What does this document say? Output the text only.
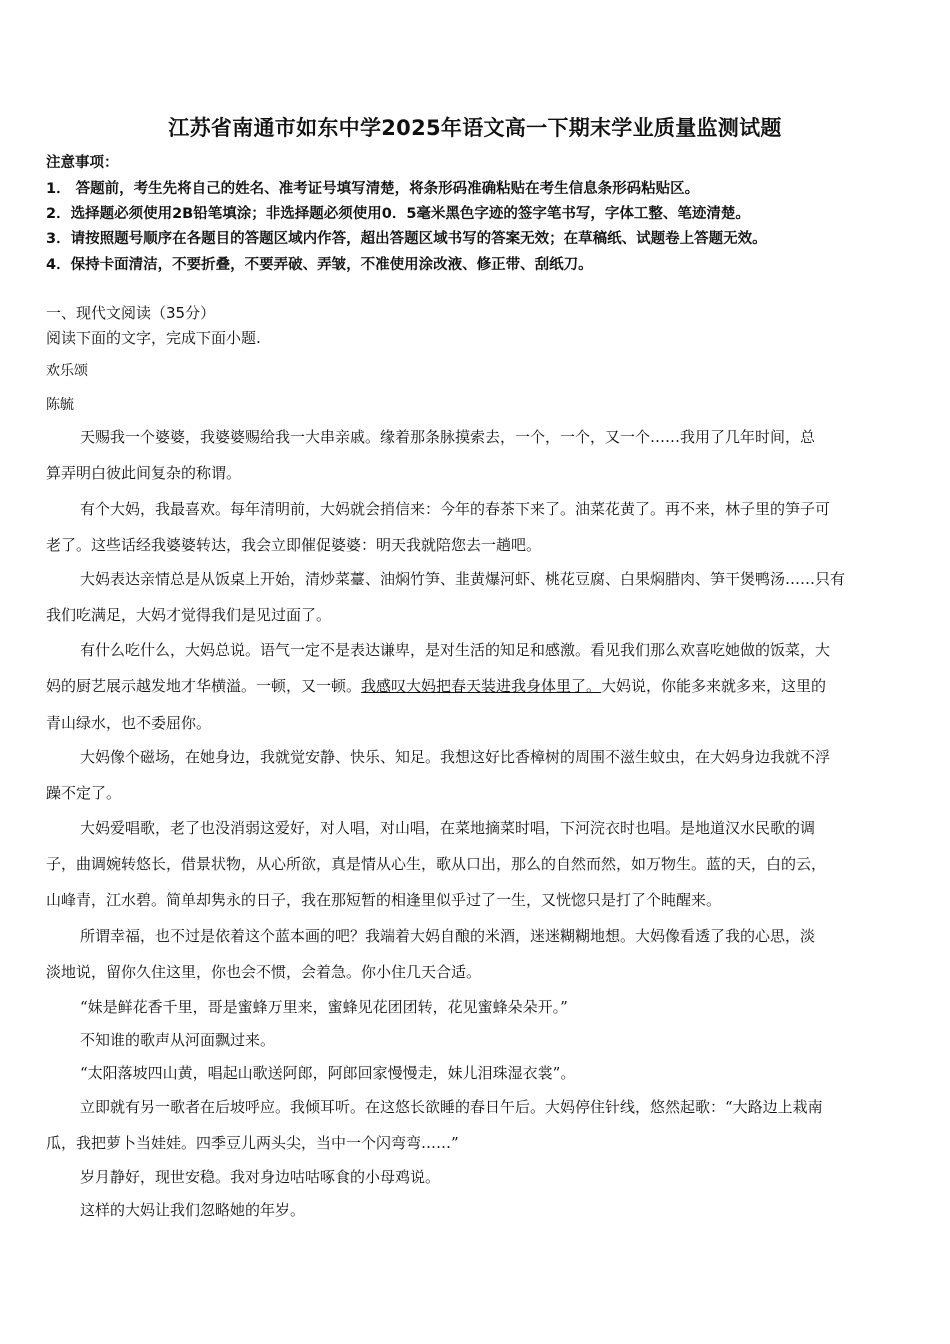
江苏省南通市如东中学2025年语文高一下期末学业质量监测试题
注意事项：
1． 答题前，考生先将自己的姓名、准考证号填写清楚，将条形码准确粘贴在考生信息条形码粘贴区。
2．选择题必须使用2B铅笔填涂；非选择题必须使用0．5毫米黑色字迹的签字笔书写，字体工整、笔迹清楚。
3．请按照题号顺序在各题目的答题区域内作答，超出答题区域书写的答案无效；在草稿纸、试题卷上答题无效。
4．保持卡面清洁，不要折叠，不要弄破、弄皱，不准使用涂改液、修正带、刮纸刀。
一、现代文阅读（35分）
阅读下面的文字，完成下面小题.
欢乐颂
陈毓
天赐我一个婆婆，我婆婆赐给我一大串亲戚。缘着那条脉摸索去，一个，一个，又一个……我用了几年时间，总
算弄明白彼此间复杂的称谓。
有个大妈，我最喜欢。每年清明前，大妈就会捎信来：今年的春茶下来了。油菜花黄了。再不来，林子里的笋子可
老了。这些话经我婆婆转达，我会立即催促婆婆：明天我就陪您去一趟吧。
大妈表达亲情总是从饭桌上开始，清炒菜薹、油焖竹笋、韭黄爆河虾、桃花豆腐、白果焖腊肉、笋干煲鸭汤……只有
我们吃满足，大妈才觉得我们是见过面了。
有什么吃什么，大妈总说。语气一定不是表达谦卑，是对生活的知足和感激。看见我们那么欢喜吃她做的饭菜，大
妈的厨艺展示越发地才华横溢。一顿，又一顿。我感叹大妈把春天装进我身体里了。大妈说，你能多来就多来，这里的
青山绿水，也不委屈你。
大妈像个磁场，在她身边，我就觉安静、快乐、知足。我想这好比香樟树的周围不滋生蚊虫，在大妈身边我就不浮
躁不定了。
大妈爱唱歌，老了也没消弱这爱好，对人唱，对山唱，在菜地摘菜时唱，下河浣衣时也唱。是地道汉水民歌的调
子，曲调婉转悠长，借景状物，从心所欲，真是情从心生，歌从口出，那么的自然而然，如万物生。蓝的天，白的云，
山峰青，江水碧。简单却隽永的日子，我在那短暂的相逢里似乎过了一生，又恍惚只是打了个盹醒来。
所谓幸福，也不过是依着这个蓝本画的吧？我端着大妈自酿的米酒，迷迷糊糊地想。大妈像看透了我的心思，淡
淡地说，留你久住这里，你也会不惯，会着急。你小住几天合适。
“妹是鲜花香千里，哥是蜜蜂万里来，蜜蜂见花团团转，花见蜜蜂朵朵开。”
不知谁的歌声从河面飘过来。
“太阳落坡四山黄，唱起山歌送阿郎，阿郎回家慢慢走，妹儿泪珠湿衣裳”。
立即就有另一歌者在后坡呼应。我倾耳听。在这悠长欲睡的春日午后。大妈停住针线，悠然起歌：“大路边上栽南
瓜，我把萝卜当娃娃。四季豆儿两头尖，当中一个闪弯弯……”
岁月静好，现世安稳。我对身边咕咕啄食的小母鸡说。
这样的大妈让我们忽略她的年岁。
